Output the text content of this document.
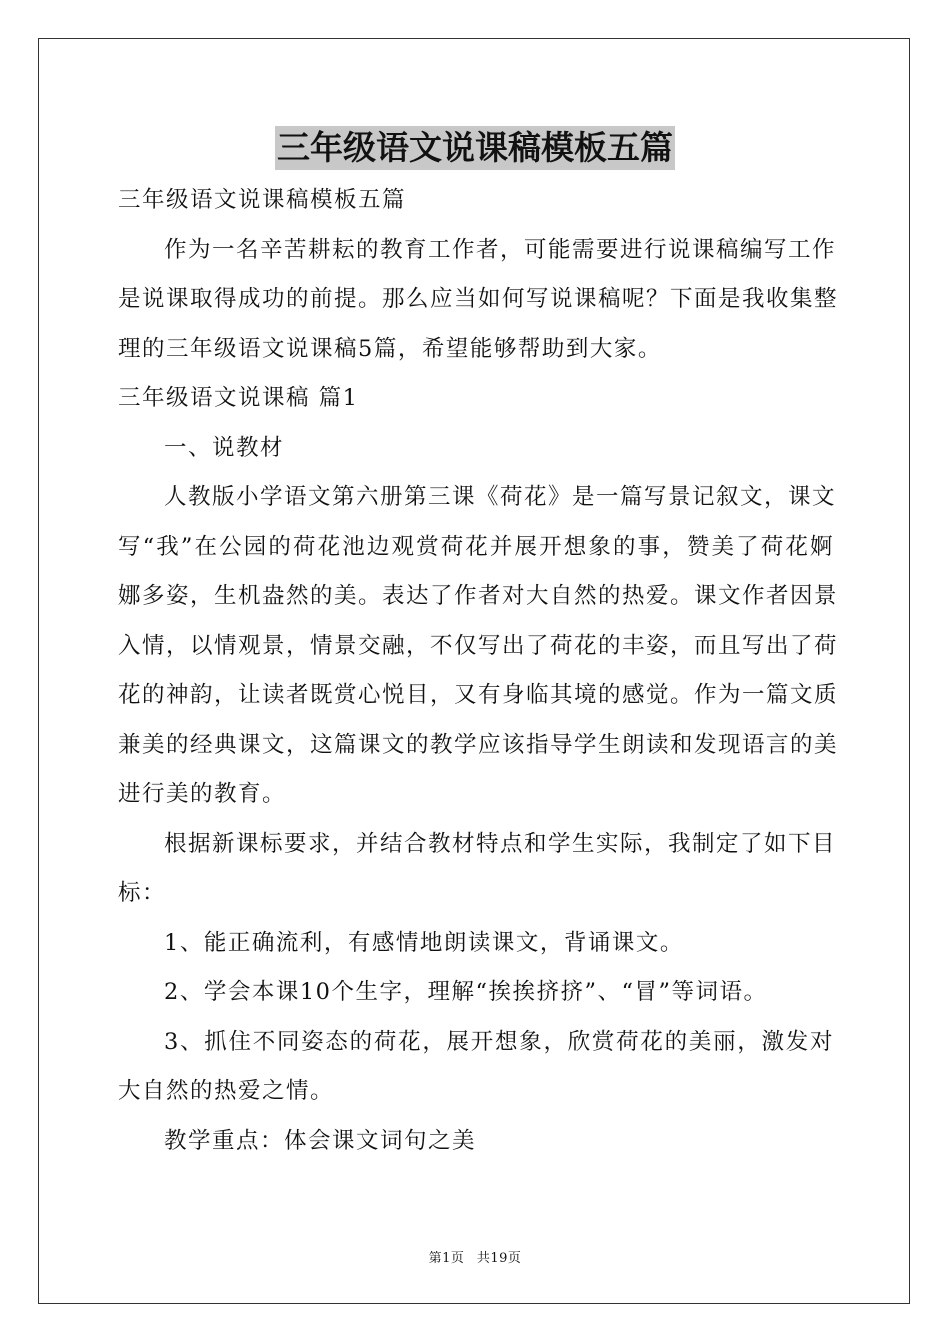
三年级语文说课稿模板五篇

三年级语文说课稿模板五篇

作为一名辛苦耕耘的教育工作者，可能需要进行说课稿编写工作

是说课取得成功的前提。那么应当如何写说课稿呢？下面是我收集整

理的三年级语文说课稿5篇，希望能够帮助到大家。

三年级语文说课稿 篇1

一、说教材

人教版小学语文第六册第三课《荷花》是一篇写景记叙文，课文

写“我”在公园的荷花池边观赏荷花并展开想象的事，赞美了荷花婀

娜多姿，生机盎然的美。表达了作者对大自然的热爱。课文作者因景

入情，以情观景，情景交融，不仅写出了荷花的丰姿，而且写出了荷

花的神韵，让读者既赏心悦目，又有身临其境的感觉。作为一篇文质

兼美的经典课文，这篇课文的教学应该指导学生朗读和发现语言的美

进行美的教育。

根据新课标要求，并结合教材特点和学生实际，我制定了如下目

标：

1、能正确流利，有感情地朗读课文，背诵课文。

2、学会本课10个生字，理解“挨挨挤挤”、“冒”等词语。

3、抓住不同姿态的荷花，展开想象，欣赏荷花的美丽，激发对

大自然的热爱之情。

教学重点：体会课文词句之美

第1页 共19页
